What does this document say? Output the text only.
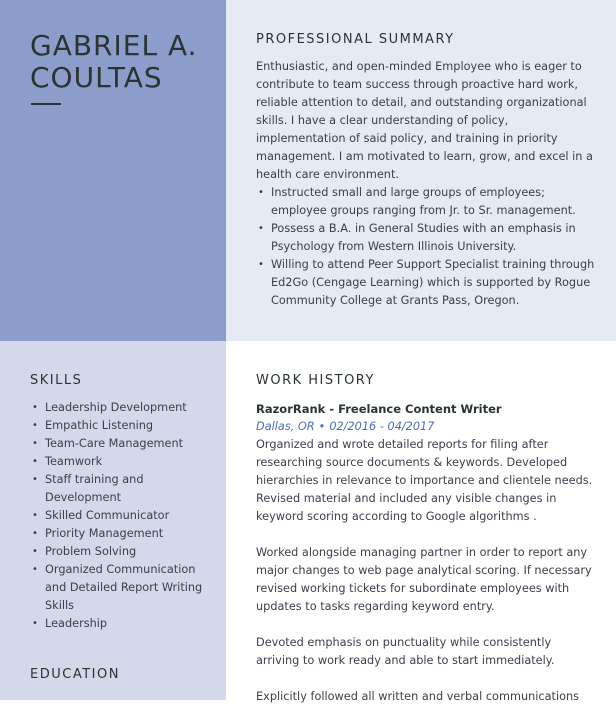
GABRIEL A. COULTAS
PROFESSIONAL SUMMARY

Enthusiastic, and open-minded Employee who is eager to contribute to team success through proactive hard work, reliable attention to detail, and outstanding organizational skills. I have a clear understanding of policy, implementation of said policy, and training in priority management. I am motivated to learn, grow, and excel in a health care environment.

• Instructed small and large groups of employees; employee groups ranging from Jr. to Sr. management.
• Possess a B.A. in General Studies with an emphasis in Psychology from Western Illinois University.
• Willing to attend Peer Support Specialist training through Ed2Go (Cengage Learning) which is supported by Rogue Community College at Grants Pass, Oregon.
SKILLS
• Leadership Development
• Empathic Listening
• Team-Care Management
• Teamwork
• Staff training and Development
• Skilled Communicator
• Priority Management
• Problem Solving
• Organized Communication and Detailed Report Writing Skills
• Leadership
EDUCATION
WORK HISTORY
RazorRank - Freelance Content Writer
Dallas, OR • 02/2016 - 04/2017

Organized and wrote detailed reports for filing after researching source documents & keywords. Developed hierarchies in relevance to importance and clientele needs. Revised material and included any visible changes in keyword scoring according to Google algorithms .

Worked alongside managing partner in order to report any major changes to web page analytical scoring. If necessary revised working tickets for subordinate employees with updates to tasks regarding keyword entry.

Devoted emphasis on punctuality while consistently arriving to work ready and able to start immediately.

Explicitly followed all written and verbal communications
